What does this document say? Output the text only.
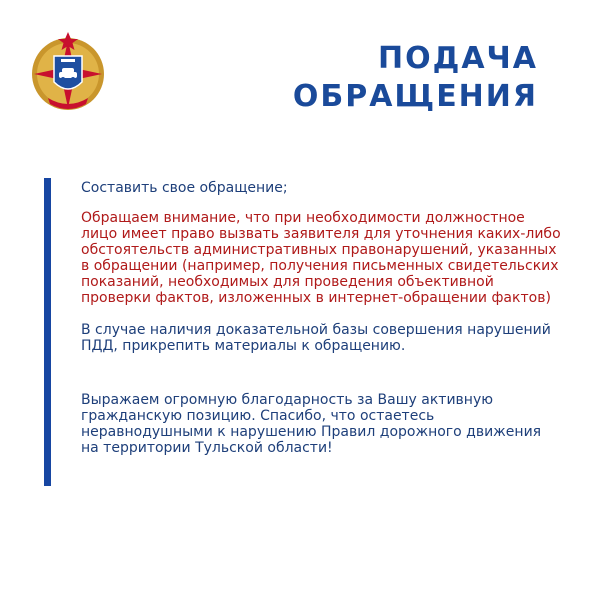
ПОДАЧА
ОБРАЩЕНИЯ

Составить свое обращение;

Обращаем внимание, что при необходимости должностное лицо имеет право вызвать заявителя для уточнения каких-либо обстоятельств административных правонарушений, указанных в обращении (например, получения письменных свидетельских показаний, необходимых для проведения объективной проверки фактов, изложенных в интернет-обращении фактов)

В случае наличия доказательной базы совершения нарушений ПДД, прикрепить материалы к обращению.

Выражаем огромную благодарность за Вашу активную гражданскую позицию. Спасибо, что остаетесь неравнодушными к нарушению Правил дорожного движения на территории Тульской области!
